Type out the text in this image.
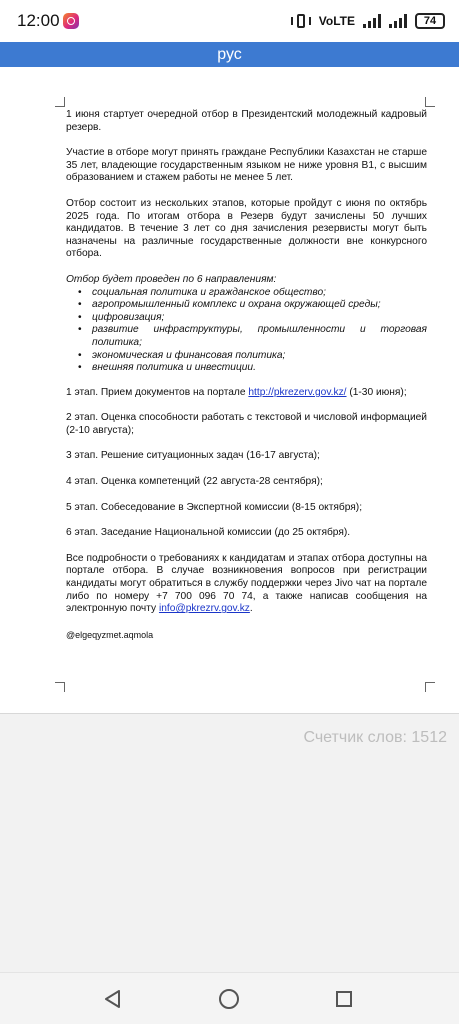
12:00	VoLTE	74
рус

1 июня стартует очередной отбор в Президентский молодежный кадровый резерв.

Участие в отборе могут принять граждане Республики Казахстан не старше 35 лет, владеющие государственным языком не ниже уровня В1, с высшим образованием и стажем работы не менее 5 лет.

Отбор состоит из нескольких этапов, которые пройдут с июня по октябрь 2025 года. По итогам отбора в Резерв будут зачислены 50 лучших кандидатов. В течение 3 лет со дня зачисления резервисты могут быть назначены на различные государственные должности вне конкурсного отбора.

Отбор будет проведен по 6 направлениям:

• социальная политика и гражданское общество;
• агропромышленный комплекс и охрана окружающей среды;
• цифровизация;
• развитие инфраструктуры, промышленности и торговая политика;
• экономическая и финансовая политика;
• внешняя политика и инвестиции.

1 этап. Прием документов на портале http://pkrezerv.gov.kz/ (1-30 июня);

2 этап. Оценка способности работать с текстовой и числовой информацией (2-10 августа);

3 этап. Решение ситуационных задач (16-17 августа);

4 этап. Оценка компетенций (22 августа-28 сентября);

5 этап. Собеседование в Экспертной комиссии (8-15 октября);

6 этап. Заседание Национальной комиссии (до 25 октября).

Все подробности о требованиях к кандидатам и этапах отбора доступны на портале отбора. В случае возникновения вопросов при регистрации кандидаты могут обратиться в службу поддержки через Jivo чат на портале либо по номеру +7 700 096 70 74, а также написав сообщения на электронную почту info@pkrezrv.gov.kz.

@elgeqyzmet.aqmola

Счетчик слов: 1512
